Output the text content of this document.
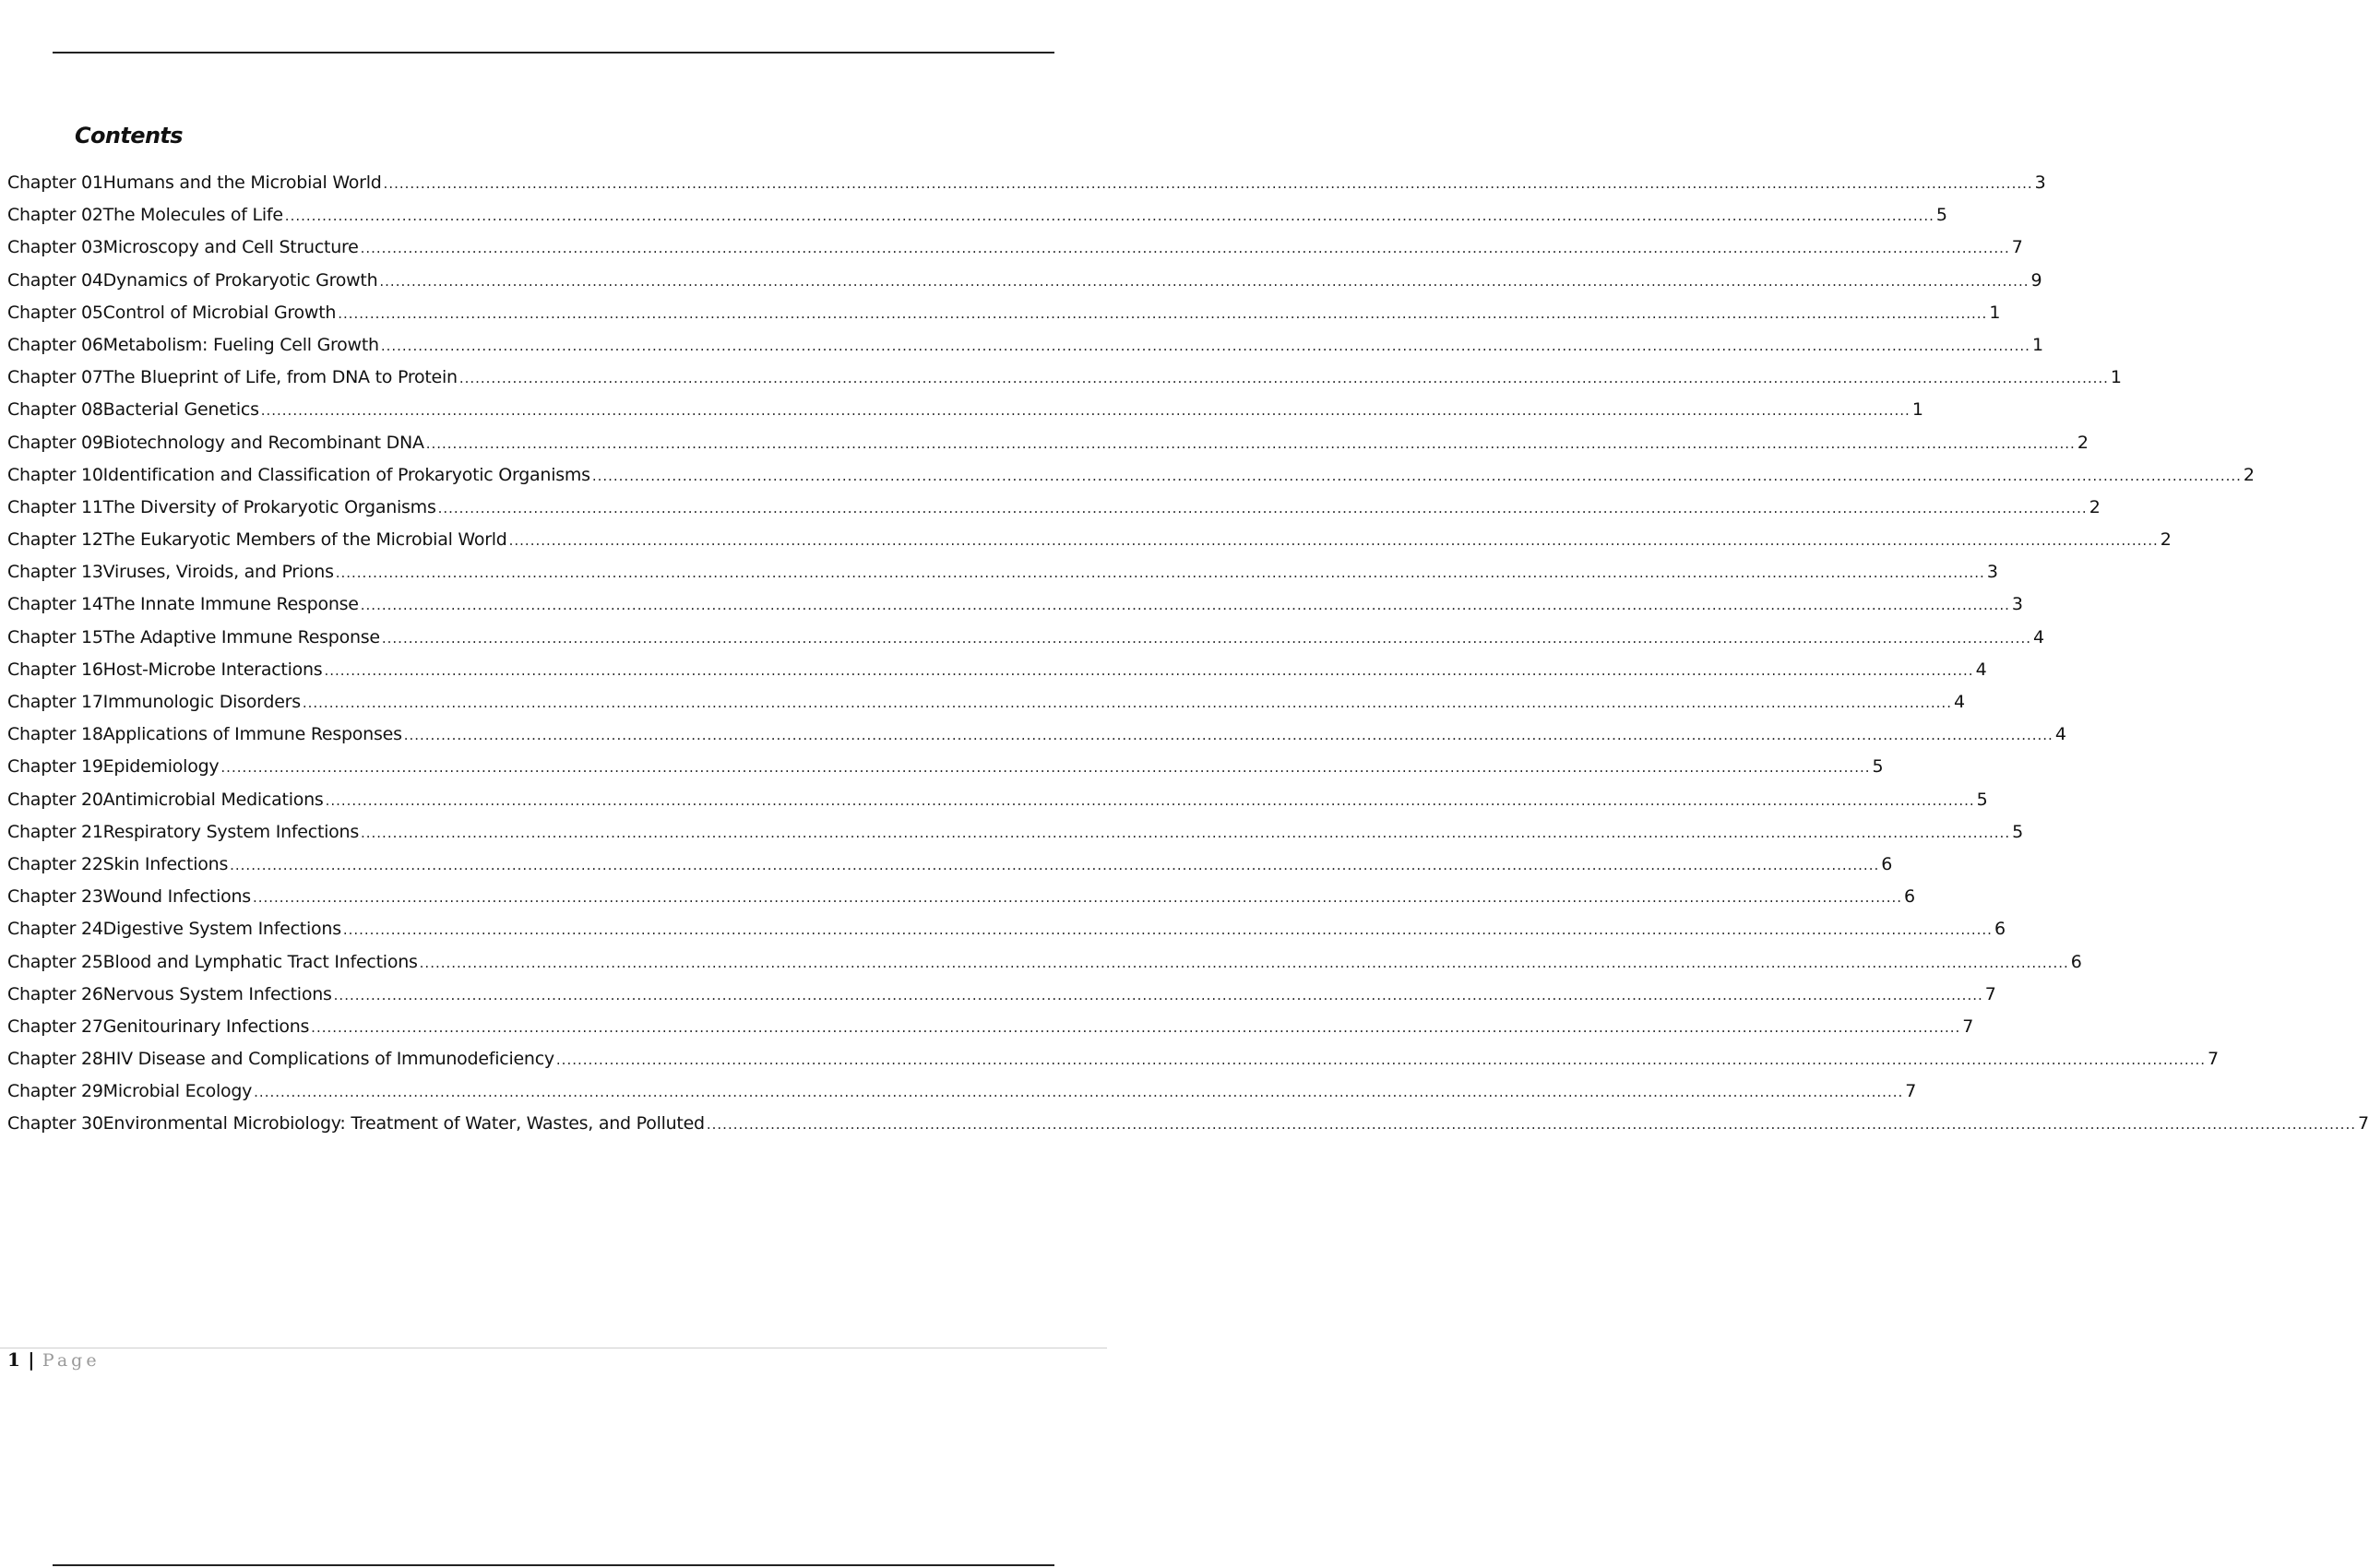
Contents
Chapter 01Humans and the Microbial World .....	3
Chapter 02The Molecules of Life .....	5
Chapter 03Microscopy and Cell Structure .....	7
Chapter 04Dynamics of Prokaryotic Growth .....	9
Chapter 05Control of Microbial Growth .....	1
Chapter 06Metabolism: Fueling Cell Growth .....	1
Chapter 07The Blueprint of Life, from DNA to Protein .....	1
Chapter 08Bacterial Genetics .....	1
Chapter 09Biotechnology and Recombinant DNA .....	2
Chapter 10Identification and Classification of Prokaryotic Organisms .....	2
Chapter 11The Diversity of Prokaryotic Organisms .....	2
Chapter 12The Eukaryotic Members of the Microbial World .....	2
Chapter 13Viruses, Viroids, and Prions .....	3
Chapter 14The Innate Immune Response .....	3
Chapter 15The Adaptive Immune Response .....	4
Chapter 16Host-Microbe Interactions .....	4
Chapter 17Immunologic Disorders .....	4
Chapter 18Applications of Immune Responses .....	4
Chapter 19Epidemiology .....	5
Chapter 20Antimicrobial Medications .....	5
Chapter 21Respiratory System Infections .....	5
Chapter 22Skin Infections .....	6
Chapter 23Wound Infections .....	6
Chapter 24Digestive System Infections .....	6
Chapter 25Blood and Lymphatic Tract Infections .....	6
Chapter 26Nervous System Infections .....	7
Chapter 27Genitourinary Infections .....	7
Chapter 28HIV Disease and Complications of Immunodeficiency .....	7
Chapter 29Microbial Ecology .....	7
Chapter 30Environmental Microbiology: Treatment of Water, Wastes, and Polluted .....	7
1 | Page
